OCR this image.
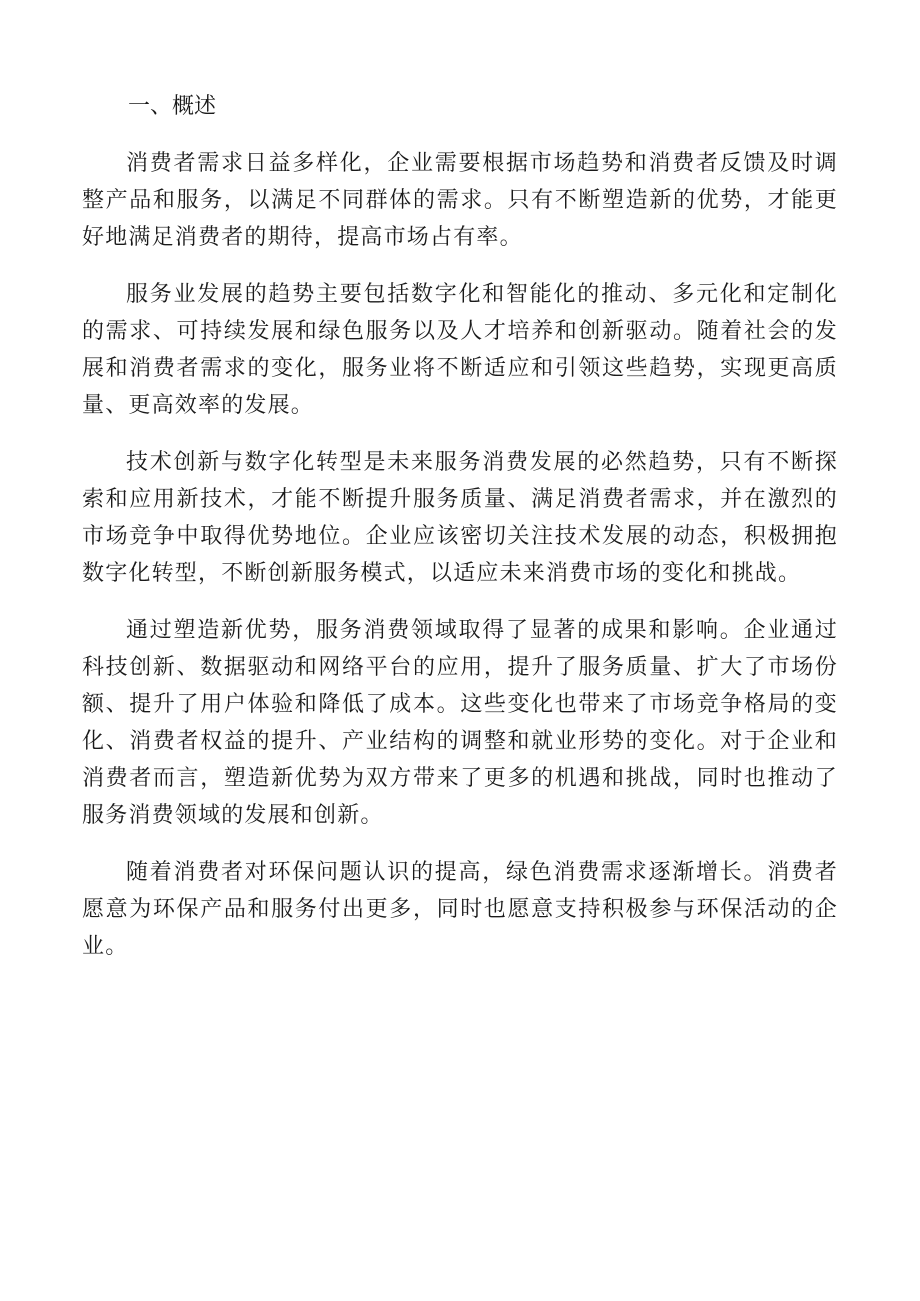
一、概述

消费者需求日益多样化，企业需要根据市场趋势和消费者反馈及时调整产品和服务，以满足不同群体的需求。只有不断塑造新的优势，才能更好地满足消费者的期待，提高市场占有率。

服务业发展的趋势主要包括数字化和智能化的推动、多元化和定制化的需求、可持续发展和绿色服务以及人才培养和创新驱动。随着社会的发展和消费者需求的变化，服务业将不断适应和引领这些趋势，实现更高质量、更高效率的发展。

技术创新与数字化转型是未来服务消费发展的必然趋势，只有不断探索和应用新技术，才能不断提升服务质量、满足消费者需求，并在激烈的市场竞争中取得优势地位。企业应该密切关注技术发展的动态，积极拥抱数字化转型，不断创新服务模式，以适应未来消费市场的变化和挑战。

通过塑造新优势，服务消费领域取得了显著的成果和影响。企业通过科技创新、数据驱动和网络平台的应用，提升了服务质量、扩大了市场份额、提升了用户体验和降低了成本。这些变化也带来了市场竞争格局的变化、消费者权益的提升、产业结构的调整和就业形势的变化。对于企业和消费者而言，塑造新优势为双方带来了更多的机遇和挑战，同时也推动了服务消费领域的发展和创新。

随着消费者对环保问题认识的提高，绿色消费需求逐渐增长。消费者愿意为环保产品和服务付出更多，同时也愿意支持积极参与环保活动的企业。
